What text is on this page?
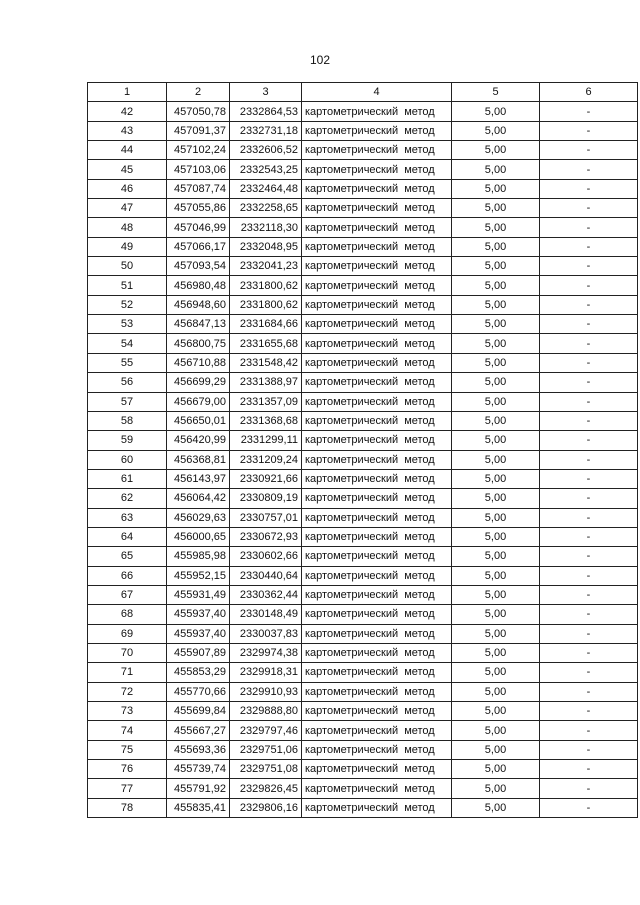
102
1	2	3	4	5	6
42	457050,78	2332864,53	картометрический метод	5,00	-
43	457091,37	2332731,18	картометрический метод	5,00	-
44	457102,24	2332606,52	картометрический метод	5,00	-
45	457103,06	2332543,25	картометрический метод	5,00	-
46	457087,74	2332464,48	картометрический метод	5,00	-
47	457055,86	2332258,65	картометрический метод	5,00	-
48	457046,99	2332118,30	картометрический метод	5,00	-
49	457066,17	2332048,95	картометрический метод	5,00	-
50	457093,54	2332041,23	картометрический метод	5,00	-
51	456980,48	2331800,62	картометрический метод	5,00	-
52	456948,60	2331800,62	картометрический метод	5,00	-
53	456847,13	2331684,66	картометрический метод	5,00	-
54	456800,75	2331655,68	картометрический метод	5,00	-
55	456710,88	2331548,42	картометрический метод	5,00	-
56	456699,29	2331388,97	картометрический метод	5,00	-
57	456679,00	2331357,09	картометрический метод	5,00	-
58	456650,01	2331368,68	картометрический метод	5,00	-
59	456420,99	2331299,11	картометрический метод	5,00	-
60	456368,81	2331209,24	картометрический метод	5,00	-
61	456143,97	2330921,66	картометрический метод	5,00	-
62	456064,42	2330809,19	картометрический метод	5,00	-
63	456029,63	2330757,01	картометрический метод	5,00	-
64	456000,65	2330672,93	картометрический метод	5,00	-
65	455985,98	2330602,66	картометрический метод	5,00	-
66	455952,15	2330440,64	картометрический метод	5,00	-
67	455931,49	2330362,44	картометрический метод	5,00	-
68	455937,40	2330148,49	картометрический метод	5,00	-
69	455937,40	2330037,83	картометрический метод	5,00	-
70	455907,89	2329974,38	картометрический метод	5,00	-
71	455853,29	2329918,31	картометрический метод	5,00	-
72	455770,66	2329910,93	картометрический метод	5,00	-
73	455699,84	2329888,80	картометрический метод	5,00	-
74	455667,27	2329797,46	картометрический метод	5,00	-
75	455693,36	2329751,06	картометрический метод	5,00	-
76	455739,74	2329751,08	картометрический метод	5,00	-
77	455791,92	2329826,45	картометрический метод	5,00	-
78	455835,41	2329806,16	картометрический метод	5,00	-
